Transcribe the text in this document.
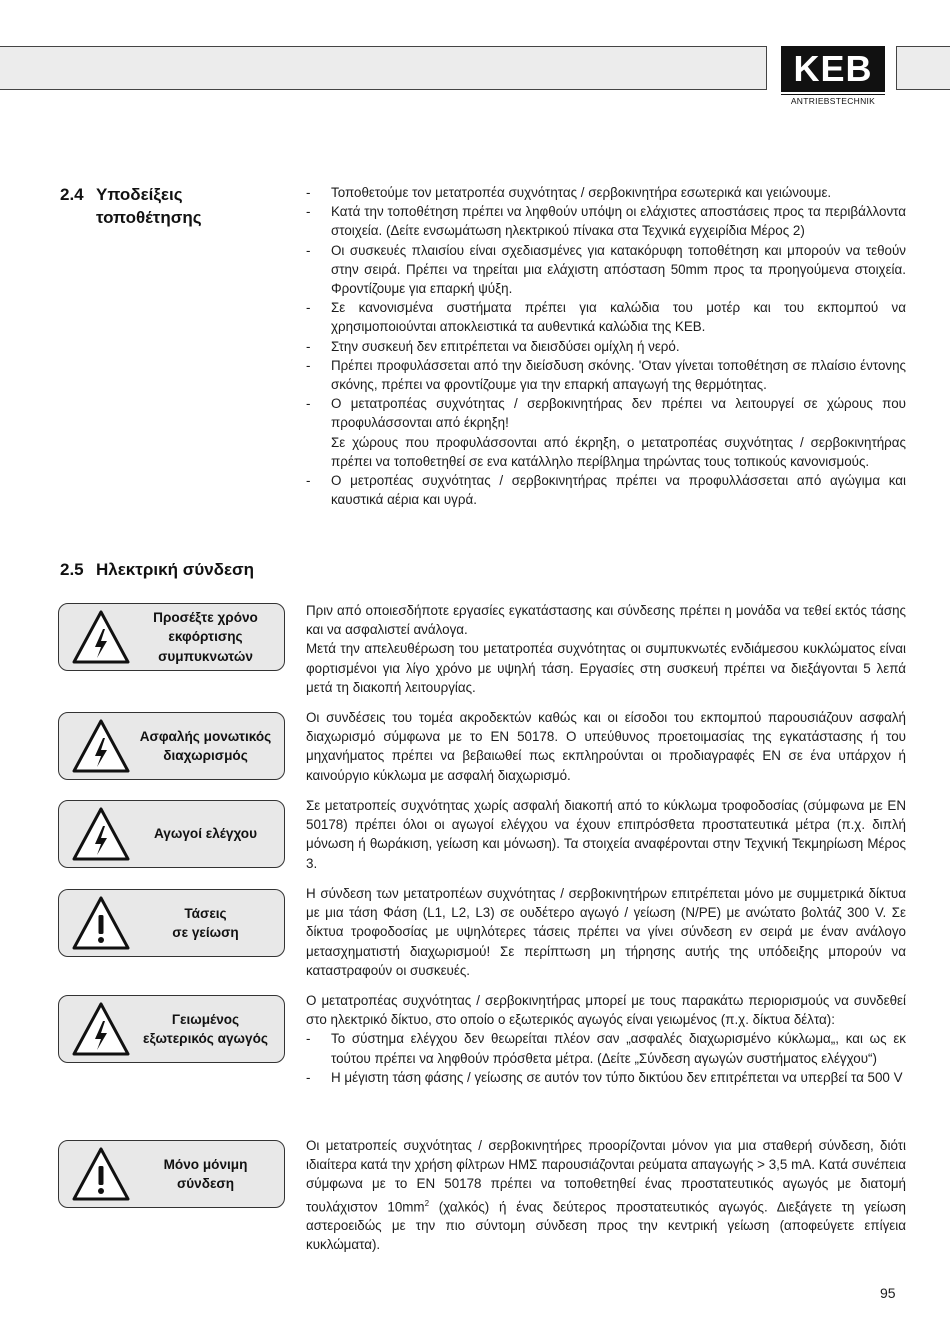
KEB
ANTRIEBSTECHNIK
2.4 Υποδείξεις
τοποθέτησης
- Τοποθετούμε τον μετατροπέα συχνότητας / σερβοκινητήρα εσωτερικά και γειώνουμε.
- Κατά την τοποθέτηση πρέπει να ληφθούν υπόψη οι ελάχιστες αποστάσεις προς τα περιβάλλοντα στοιχεία. (Δείτε ενσωμάτωση ηλεκτρικού πίνακα στα Τεχνικά εγχειρίδια Μέρος 2)
- Οι συσκευές πλαισίου είναι σχεδιασμένες για κατακόρυφη τοποθέτηση και μπορούν να τεθούν στην σειρά. Πρέπει να τηρείται μια ελάχιστη απόσταση 50mm προς τα προηγούμενα στοιχεία. Φροντίζουμε για επαρκή ψύξη.
- Σε κανονισμένα συστήματα πρέπει για καλώδια του μοτέρ και του εκπομπού να χρησιμοποιούνται αποκλειστικά τα αυθεντικά καλώδια της KEB.
- Στην συσκευή δεν επιτρέπεται να διεισδύσει ομίχλη ή νερό.
- Πρέπει προφυλάσσεται από την διείσδυση σκόνης. 'Οταν γίνεται τοποθέτηση σε πλαίσιο έντονης σκόνης, πρέπει να φροντίζουμε για την επαρκή απαγωγή της θερμότητας.
- Ο μετατροπέας συχνότητας / σερβοκινητήρας δεν πρέπει να λειτουργεί σε χώρους που προφυλάσσονται από έκρηξη!
Σε χώρους που προφυλάσσονται από έκρηξη, ο μετατροπέας συχνότητας / σερβοκινητήρας πρέπει να τοποθετηθεί σε ενα κατάλληλο περίβλημα τηρώντας τους τοπικούς κανονισμούς.
- Ο μετροπέας συχνότητας / σερβοκινητήρας πρέπει να προφυλλάσσεται από αγώγιμα και καυστικά αέρια και υγρά.
2.5 Ηλεκτρική σύνδεση
Προσέξτε χρόνο
εκφόρτισης
συμπυκνωτών
Ασφαλής μονωτικός
διαχωρισμός
Αγωγοί ελέγχου
Τάσεις
σε γείωση
Γειωμένος
εξωτερικός αγωγός
Μόνο μόνιμη
σύνδεση

Πριν από οποιεσδήποτε εργασίες εγκατάστασης και σύνδεσης πρέπει η μονάδα να τεθεί εκτός τάσης και να ασφαλιστεί ανάλογα.

Μετά την απελευθέρωση του μετατροπέα συχνότητας οι συμπυκνωτές ενδιάμεσου κυκλώματος είναι φορτισμένοι για λίγο χρόνο με υψηλή τάση. Εργασίες στη συσκευή πρέπει να διεξάγονται 5 λεπά μετά τη διακοπή λειτουργίας.

Οι συνδέσεις του τομέα ακροδεκτών καθώς και οι είσοδοι του εκπομπού παρουσιάζουν ασφαλή διαχωρισμό σύμφωνα με το EN 50178. Ο υπεύθυνος προετοιμασίας της εγκατάστασης ή του μηχανήματος πρέπει να βεβαιωθεί πως εκπληρούνται οι προδιαγραφές EN σε ένα υπάρχον ή καινούργιο κύκλωμα με ασφαλή διαχωρισμό.

Σε μετατροπείς συχνότητας χωρίς ασφαλή διακοπή από το κύκλωμα τροφοδοσίας (σύμφωνα με EN 50178) πρέπει όλοι οι αγωγοί ελέγχου να έχουν επιπρόσθετα προστατευτικά μέτρα (π.χ. διπλή μόνωση ή θωράκιση, γείωση και μόνωση). Τα στοιχεία αναφέρονται στην Τεχνική Τεκμηρίωση Μέρος 3.

Η σύνδεση των μετατροπέων συχνότητας / σερβοκινητήρων επιτρέπεται μόνο με συμμετρικά δίκτυα με μια τάση Φάση (L1, L2, L3) σε ουδέτερο αγωγό / γείωση (N/PE) με ανώτατο βολτάζ 300 V. Σε δίκτυα τροφοδοσίας με υψηλότερες τάσεις πρέπει να γίνει σύνδεση εν σειρά με έναν ανάλογο μετασχηματιστή διαχωρισμού! Σε περίπτωση μη τήρησης αυτής της υπόδειξης μπορούν να καταστραφούν οι συσκευές.

Ο μετατροπέας συχνότητας / σερβοκινητήρας μπορεί με τους παρακάτω περιορισμούς να συνδεθεί στο ηλεκτρικό δίκτυο, στο οποίο ο εξωτερικός αγωγός είναι γειωμένος (π.χ. δίκτυα δέλτα):

- Το σύστημα ελέγχου δεν θεωρείται πλέον σαν „ασφαλές διαχωρισμένο κύκλωμα„, και ως εκ τούτου πρέπει να ληφθούν πρόσθετα μέτρα. (Δείτε „Σύνδεση αγωγών συστήματος ελέγχου“)
- Η μέγιστη τάση φάσης / γείωσης σε αυτόν τον τύπο δικτύου δεν επιτρέπεται να υπερβεί τα 500 V

Οι μετατροπείς συχνότητας / σερβοκινητήρες προορίζονται μόνον για μια σταθερή σύνδεση, διότι ιδιαίτερα κατά την χρήση φίλτρων ΗΜΣ παρουσιάζονται ρεύματα απαγωγής > 3,5 mA. Κατά συνέπεια σύμφωνα με το EN 50178 πρέπει να τοποθετηθεί ένας προστατευτικός αγωγός με διατομή τουλάχιστον $10mm^2$ (χαλκός) ή ένας δεύτερος προστατευτικός αγωγός. Διεξάγετε τη γείωση αστεροειδώς με την πιο σύντομη σύνδεση προς την κεντρική γείωση (αποφεύγετε επίγεια κυκλώματα).

95
